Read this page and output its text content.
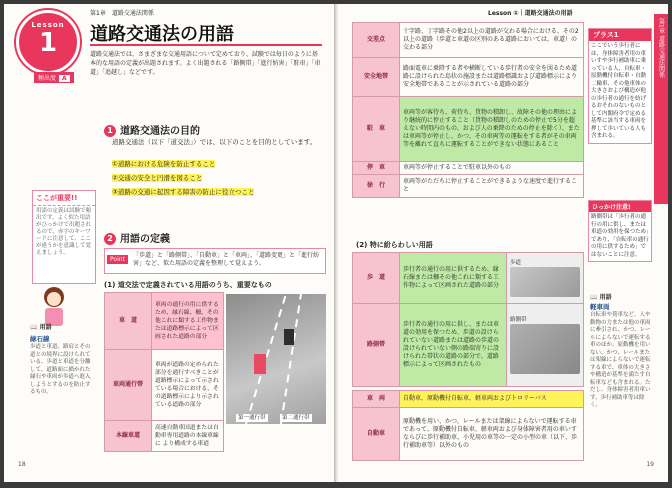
第1章　道路交通法関係
Lesson
1
頻出度 A
道路交通法の用語
道路交通法では、さまざまな交通用語について定めており、試験では毎日のように基本的な用語の定義が出題されます。よく出題される「路側帯」「進行妨害」「駐車」「車道」「追越し」などです。
1 道路交通法の目的
道路交通法（以下「道交法」）では、以下のことを目的としています。
①道路における危険を防止すること
②交通の安全と円滑を図ること
③道路の交通に起因する障害の防止に役立つこと
ここが重要!!
用語の定義は試験で頻出です。よく似た用語がひっかけで出題されるので、赤字のキーワードに注意して、ここが違うかを意識して覚えましょう。
2 用語の定義
Point
「歩道」と「路側帯」、「自動車」と「車両」、「道路変更」と「進行妨害」など、似た用語の定義を整理して覚えよう。
(1) 道交法で定義されている用語のうち、重要なもの
📖 用語
緑石線
歩道と車道、路肩とその道との境界に設けられている、歩道と車道を分離して、道路面に描かれた縁石や車両が歩道へ進入しようとするのを防止するもの。
車　道	車両の通行の用に供するため、縁石線、柵、その他これに類する工作物または道路標示によって区画された道路の部分
車両通行帯	車両が道路の定められた部分を通行すべきことが道路標示によって示されている場合における、その道路標示により示されている道路の部分
本線車道	高速自動車国道または自動車専用道路の本線車線に より構成する車道
第一通行帯	第二通行帯
18
Lesson ①｜道路交通法の用語
第1章 道路交通法関係
交差点	十字路、丁字路その他2以上の道路が交わる場合における、その2以上の道路（歩道と車道の区別のある道路においては、車道）の交わる部分
安全地帯	路面電車に乗降する者や横断している歩行者の安全を図るため道路に設けられた島状の施設または道路標識および道路標示により安全地帯であることが示されている道路の部分
駐　車	車両等が客待ち、荷待ち、貨物の積卸し、故障その他の理由により継続的に停止すること（貨物の積卸しのための停止で5分を超えない時間内のもの、および人の乗降のための停止を除く）、または車両等が停止し、かつ、その車両等の運転をする者がその車両等を離れて直ちに運転することができない状態にあること
停　車	車両等が停止することで駐車以外のもの
徐　行	車両等がただちに停止することができるような速度で進行すること
(2) 特に紛らわしい用語
歩　道	歩行者の通行の用に供するため、縁石線または柵その他これに類する工作物によって区画された道路の部分	歩道

路側帯	歩行者の通行の用に供し、または車道の効用を保つため、歩道の設けられていない道路または道路の歩道の設けられていない側の路端寄りに設けられた帯状の道路の部分で、道路標示によって区画されたもの	路側帯
車　両	自動車、原動機付自転車、軽車両およびトロリーバス
自動車	原動機を用い、かつ、レールまたは架線によらないで運転する車であって、原動機付自転車、軽車両および身体障害者用の車いすならびに歩行補助車、小児用の車等の一定の小型の車（以下、歩行補助車等）以外のもの
プラス1
ここでいう歩行者には、身体障害者用の車いすや歩行補助車に乗っている人、自転車・原動機付自転車・自動二輪車、その他車体の大きさおよび構造が他の歩行者の通行を妨げるおそれのないものとして内閣府令で定める基準に該当する車両を押して歩いている人も含まれる。
ひっかけ注意!
路側帯は「歩行者の通行の用に供し、または車道の効用を保つため」であり、「自転車の通行の用に供するため」ではないことに注意。
📖 用語
軽車両
自転車や荷車など、人や動物の力または他の車両に牽引され、かつ、レールによらないで運転する車のほか、原動機を用いない、かつ、レールまたは架線によらないで運転する車で、車体の大きさや構造が基準を満たす自転車なども含まれる。ただし、身体障害者用車いす、歩行補助車等は除く。
19
